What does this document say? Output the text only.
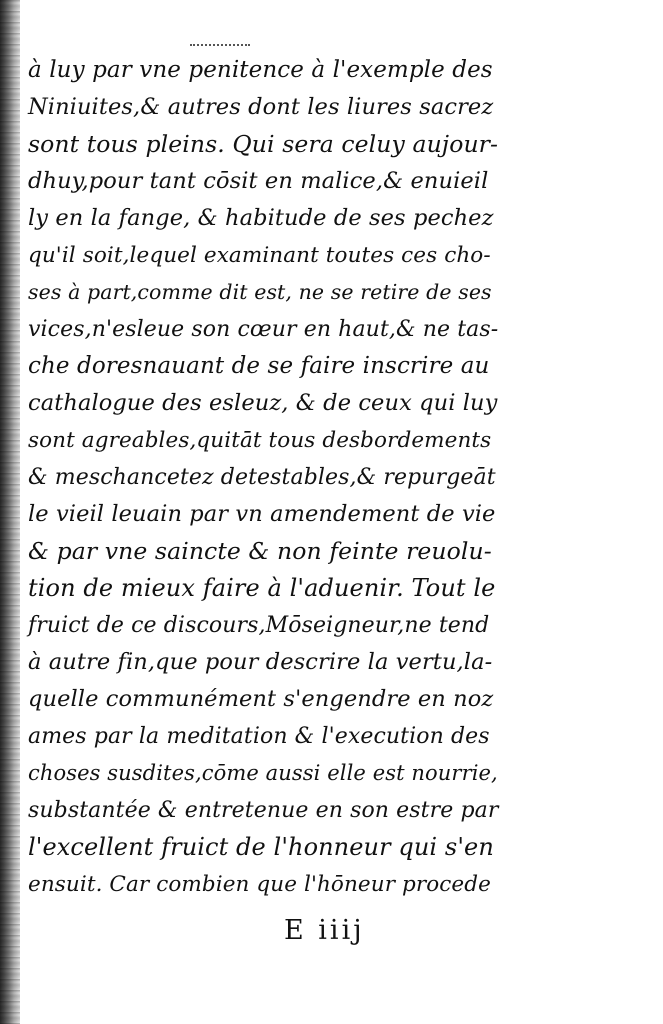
à luy par vne penitence à l'exemple des
Niniuites,& autres dont les liures sacrez
sont tous pleins. Qui sera celuy aujour-
dhuy,pour tant cōsit en malice,& enuieil
ly en la fange, & habitude de ses pechez
qu'il soit,lequel examinant toutes ces cho-
ses à part,comme dit est, ne se retire de ses
vices,n'esleue son cœur en haut,& ne tas-
che doresnauant de se faire inscrire au
cathalogue des esleuz, & de ceux qui luy
sont agreables,quitāt tous desbordements
& meschancetez detestables,& repurgeāt
le vieil leuain par vn amendement de vie
& par vne saincte & non feinte reuolu-
tion de mieux faire à l'aduenir. Tout le
fruict de ce discours,Mōseigneur,ne tend
à autre fin,que pour descrire la vertu,la-
quelle communément s'engendre en noz
ames par la meditation & l'execution des
choses susdites,cōme aussi elle est nourrie,
substantée & entretenue en son estre par
l'excellent fruict de l'honneur qui s'en
ensuit. Car combien que l'hōneur procede
E iiij
